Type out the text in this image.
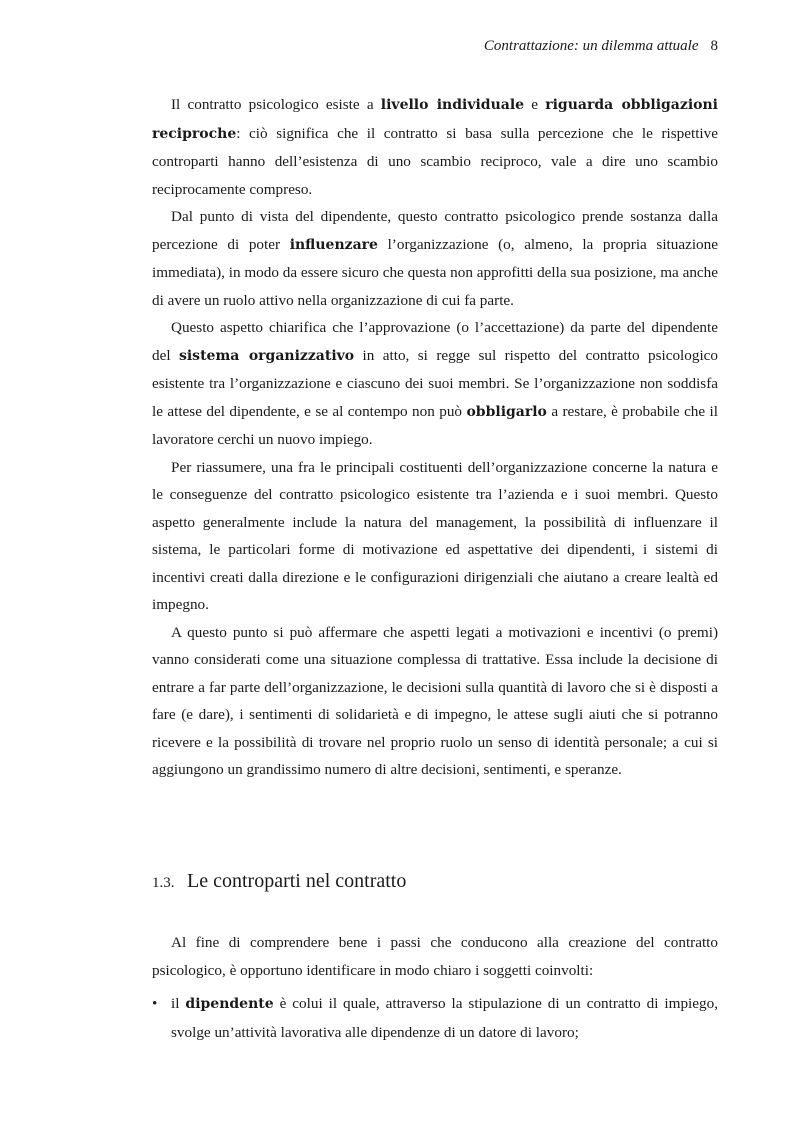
Contrattazione: un dilemma attuale 8

Il contratto psicologico esiste a livello individuale e riguarda obbligazioni reciproche: ciò significa che il contratto si basa sulla percezione che le rispettive controparti hanno dell’esistenza di uno scambio reciproco, vale a dire uno scambio reciprocamente compreso.

Dal punto di vista del dipendente, questo contratto psicologico prende sostanza dalla percezione di poter influenzare l’organizzazione (o, almeno, la propria situazione immediata), in modo da essere sicuro che questa non approfitti della sua posizione, ma anche di avere un ruolo attivo nella organizzazione di cui fa parte.

Questo aspetto chiarifica che l’approvazione (o l’accettazione) da parte del dipendente del sistema organizzativo in atto, si regge sul rispetto del contratto psicologico esistente tra l’organizzazione e ciascuno dei suoi membri. Se l’organizzazione non soddisfa le attese del dipendente, e se al contempo non può obbligarlo a restare, è probabile che il lavoratore cerchi un nuovo impiego.

Per riassumere, una fra le principali costituenti dell’organizzazione concerne la natura e le conseguenze del contratto psicologico esistente tra l’azienda e i suoi membri. Questo aspetto generalmente include la natura del management, la possibilità di influenzare il sistema, le particolari forme di motivazione ed aspettative dei dipendenti, i sistemi di incentivi creati dalla direzione e le configurazioni dirigenziali che aiutano a creare lealtà ed impegno.

A questo punto si può affermare che aspetti legati a motivazioni e incentivi (o premi) vanno considerati come una situazione complessa di trattative. Essa include la decisione di entrare a far parte dell’organizzazione, le decisioni sulla quantità di lavoro che si è disposti a fare (e dare), i sentimenti di solidarietà e di impegno, le attese sugli aiuti che si potranno ricevere e la possibilità di trovare nel proprio ruolo un senso di identità personale; a cui si aggiungono un grandissimo numero di altre decisioni, sentimenti, e speranze.

1.3. Le controparti nel contratto

Al fine di comprendere bene i passi che conducono alla creazione del contratto psicologico, è opportuno identificare in modo chiaro i soggetti coinvolti:

• il dipendente è colui il quale, attraverso la stipulazione di un contratto di impiego, svolge un’attività lavorativa alle dipendenze di un datore di lavoro;
